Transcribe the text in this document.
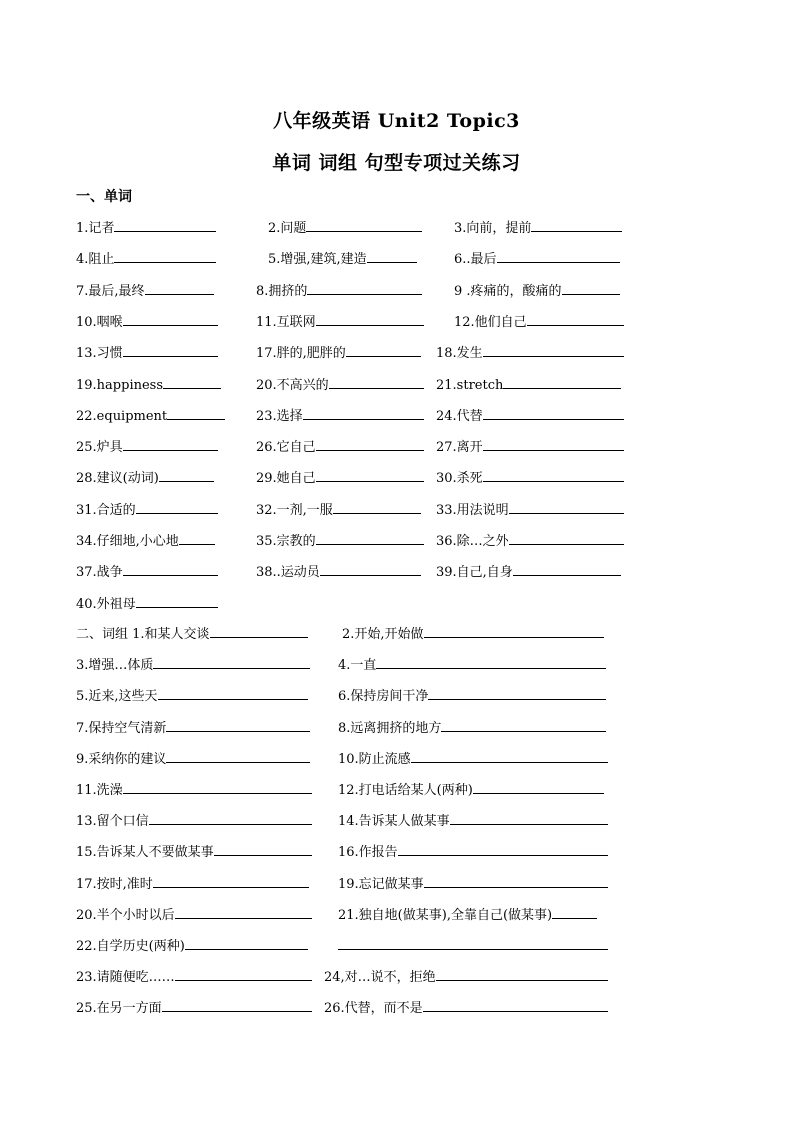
八年级英语 Unit2 Topic3
单词 词组 句型专项过关练习
一、单词
1.记者	2.问题	3.向前，提前
4.阻止	5.增强,建筑,建造	6..最后
7.最后,最终	8.拥挤的	9 .疼痛的，酸痛的
10.咽喉	11.互联网	12.他们自己
13.习惯	17.胖的,肥胖的	18.发生
19.happiness	20.不高兴的	21.stretch
22.equipment	23.选择	24.代替
25.炉具	26.它自己	27.离开
28.建议(动词)	29.她自己	30.杀死
31.合适的	32.一剂,一服	33.用法说明
34.仔细地,小心地	35.宗教的	36.除…之外
37.战争	38..运动员	39.自己,自身
40.外祖母
二、词组 1.和某人交谈	2.开始,开始做
3.增强…体质	4.一直
5.近来,这些天	6.保持房间干净
7.保持空气清新	8.远离拥挤的地方
9.采纳你的建议	10.防止流感
11.洗澡	12.打电话给某人(两种)
13.留个口信	14.告诉某人做某事
15.告诉某人不要做某事	16.作报告
17.按时,准时	19.忘记做某事
20.半个小时以后	21.独自地(做某事),全靠自己(做某事)
22.自学历史(两种)
23.请随便吃……	24,对…说不，拒绝
25.在另一方面	26.代替，而不是
